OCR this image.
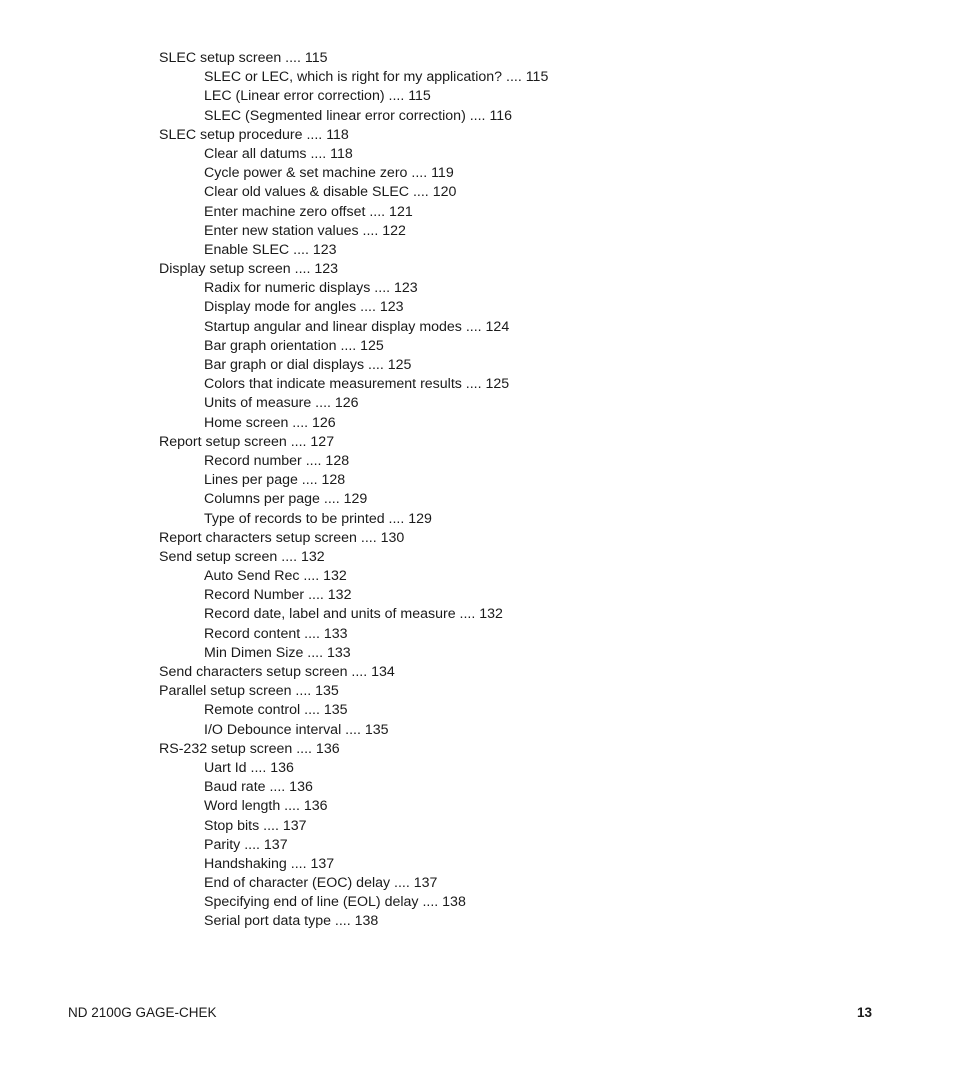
SLEC setup screen .... 115
SLEC or LEC, which is right for my application? .... 115
LEC (Linear error correction) .... 115
SLEC (Segmented linear error correction) .... 116
SLEC setup procedure .... 118
Clear all datums .... 118
Cycle power & set machine zero .... 119
Clear old values & disable SLEC .... 120
Enter machine zero offset .... 121
Enter new station values .... 122
Enable SLEC .... 123
Display setup screen .... 123
Radix for numeric displays .... 123
Display mode for angles .... 123
Startup angular and linear display modes .... 124
Bar graph orientation .... 125
Bar graph or dial displays .... 125
Colors that indicate measurement results .... 125
Units of measure .... 126
Home screen .... 126
Report setup screen .... 127
Record number .... 128
Lines per page .... 128
Columns per page .... 129
Type of records to be printed .... 129
Report characters setup screen .... 130
Send setup screen .... 132
Auto Send Rec .... 132
Record Number .... 132
Record date, label and units of measure .... 132
Record content .... 133
Min Dimen Size .... 133
Send characters setup screen .... 134
Parallel setup screen .... 135
Remote control .... 135
I/O Debounce interval .... 135
RS-232 setup screen .... 136
Uart Id .... 136
Baud rate .... 136
Word length .... 136
Stop bits .... 137
Parity .... 137
Handshaking .... 137
End of character (EOC) delay .... 137
Specifying end of line (EOL) delay .... 138
Serial port data type .... 138
ND 2100G GAGE-CHEK	13
